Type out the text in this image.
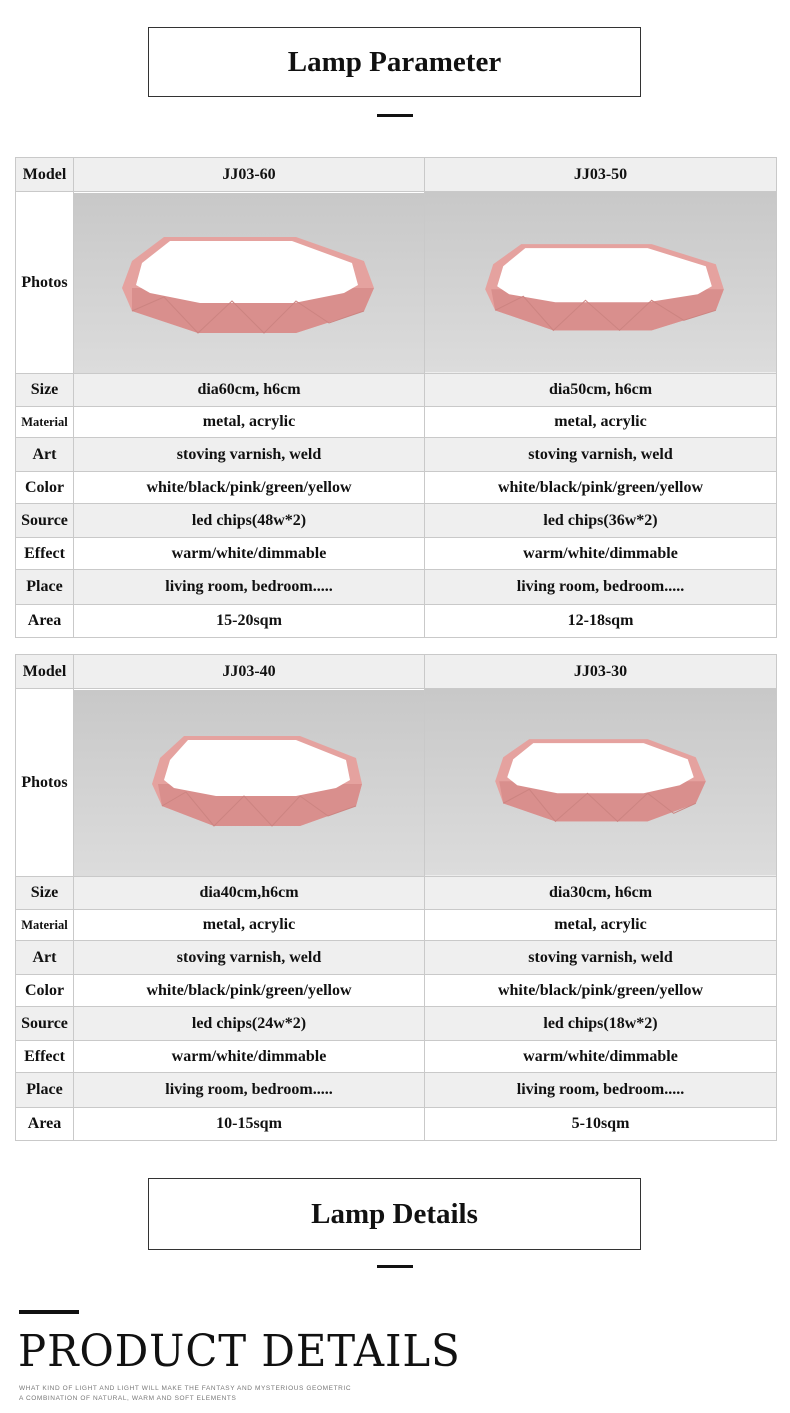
Lamp Parameter
Model	JJ03-60	JJ03-50
Photos	

Size	dia60cm, h6cm	dia50cm, h6cm
Material	metal, acrylic	metal, acrylic
Art	stoving varnish, weld	stoving varnish, weld
Color	white/black/pink/green/yellow	white/black/pink/green/yellow
Source	led chips(48w*2)	led chips(36w*2)
Effect	warm/white/dimmable	warm/white/dimmable
Place	living room, bedroom.....	living room, bedroom.....
Area	15-20sqm	12-18sqm
Model	JJ03-40	JJ03-30
Photos	

Size	dia40cm,h6cm	dia30cm, h6cm
Material	metal, acrylic	metal, acrylic
Art	stoving varnish, weld	stoving varnish, weld
Color	white/black/pink/green/yellow	white/black/pink/green/yellow
Source	led chips(24w*2)	led chips(18w*2)
Effect	warm/white/dimmable	warm/white/dimmable
Place	living room, bedroom.....	living room, bedroom.....
Area	10-15sqm	5-10sqm
Lamp Details
PRODUCT DETAILS
WHAT KIND OF LIGHT AND LIGHT WILL MAKE THE FANTASY AND MYSTERIOUS GEOMETRIC
A COMBINATION OF NATURAL, WARM AND SOFT ELEMENTS
